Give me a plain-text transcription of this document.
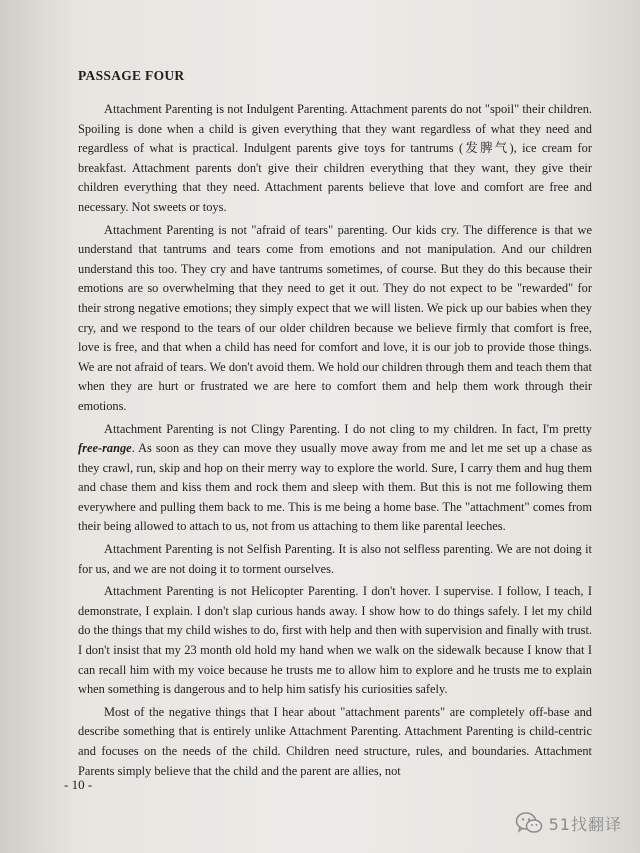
PASSAGE FOUR

Attachment Parenting is not Indulgent Parenting. Attachment parents do not "spoil" their children. Spoiling is done when a child is given everything that they want regardless of what they need and regardless of what is practical. Indulgent parents give toys for tantrums (发脾气), ice cream for breakfast. Attachment parents don't give their children everything that they want, they give their children everything that they need. Attachment parents believe that love and comfort are free and necessary. Not sweets or toys.

Attachment Parenting is not "afraid of tears" parenting. Our kids cry. The difference is that we understand that tantrums and tears come from emotions and not manipulation. And our children understand this too. They cry and have tantrums sometimes, of course. But they do this because their emotions are so overwhelming that they need to get it out. They do not expect to be "rewarded" for their strong negative emotions; they simply expect that we will listen. We pick up our babies when they cry, and we respond to the tears of our older children because we believe firmly that comfort is free, love is free, and that when a child has need for comfort and love, it is our job to provide those things. We are not afraid of tears. We don't avoid them. We hold our children through them and teach them that when they are hurt or frustrated we are here to comfort them and help them work through their emotions.

Attachment Parenting is not Clingy Parenting. I do not cling to my children. In fact, I'm pretty free-range. As soon as they can move they usually move away from me and let me set up a chase as they crawl, run, skip and hop on their merry way to explore the world. Sure, I carry them and hug them and chase them and kiss them and rock them and sleep with them. But this is not me following them everywhere and pulling them back to me. This is me being a home base. The "attachment" comes from their being allowed to attach to us, not from us attaching to them like parental leeches.

Attachment Parenting is not Selfish Parenting. It is also not selfless parenting. We are not doing it for us, and we are not doing it to torment ourselves.

Attachment Parenting is not Helicopter Parenting. I don't hover. I supervise. I follow, I teach, I demonstrate, I explain. I don't slap curious hands away. I show how to do things safely. I let my child do the things that my child wishes to do, first with help and then with supervision and finally with trust. I don't insist that my 23 month old hold my hand when we walk on the sidewalk because I know that I can recall him with my voice because he trusts me to allow him to explore and he trusts me to explain when something is dangerous and to help him satisfy his curiosities safely.

Most of the negative things that I hear about "attachment parents" are completely off-base and describe something that is entirely unlike Attachment Parenting. Attachment Parenting is child-centric and focuses on the needs of the child. Children need structure, rules, and boundaries. Attachment Parents simply believe that the child and the parent are allies, not

- 10 -
51找翻译
